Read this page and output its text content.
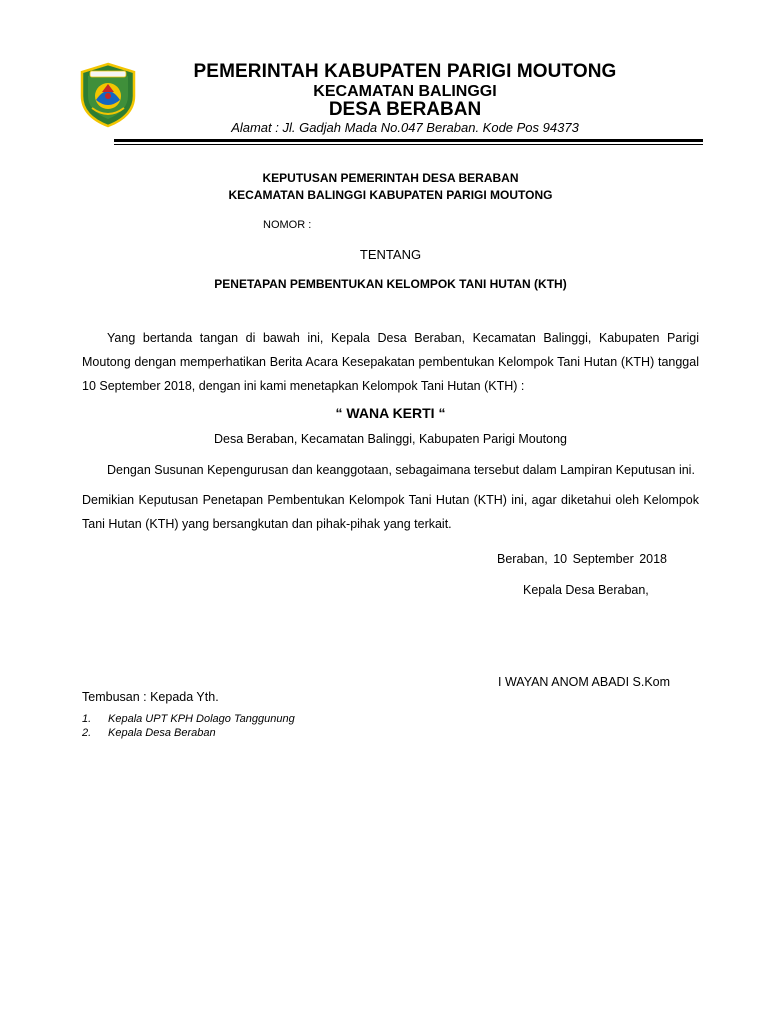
PEMERINTAH KABUPATEN PARIGI MOUTONG
KECAMATAN BALINGGI
DESA BERABAN
Alamat : Jl. Gadjah Mada No.047 Beraban. Kode Pos 94373
KEPUTUSAN PEMERINTAH DESA BERABAN
KECAMATAN BALINGGI KABUPATEN PARIGI MOUTONG
NOMOR :
TENTANG
PENETAPAN PEMBENTUKAN KELOMPOK TANI HUTAN (KTH)
Yang bertanda tangan di bawah ini, Kepala Desa Beraban, Kecamatan Balinggi, Kabupaten Parigi Moutong dengan memperhatikan Berita Acara Kesepakatan pembentukan Kelompok Tani Hutan (KTH) tanggal 10 September 2018, dengan ini kami menetapkan Kelompok Tani Hutan (KTH) :
“ WANA KERTI “
Desa Beraban, Kecamatan Balinggi, Kabupaten Parigi Moutong
Dengan Susunan Kepengurusan dan keanggotaan, sebagaimana tersebut dalam Lampiran Keputusan ini.
Demikian Keputusan Penetapan Pembentukan Kelompok Tani Hutan (KTH) ini, agar diketahui oleh Kelompok Tani Hutan (KTH) yang bersangkutan dan pihak-pihak yang terkait.
Beraban, 10 September 2018
Kepala Desa Beraban,
I WAYAN ANOM ABADI S.Kom
Tembusan : Kepada Yth.
1. Kepala UPT KPH Dolago Tanggunung
2. Kepala Desa Beraban
